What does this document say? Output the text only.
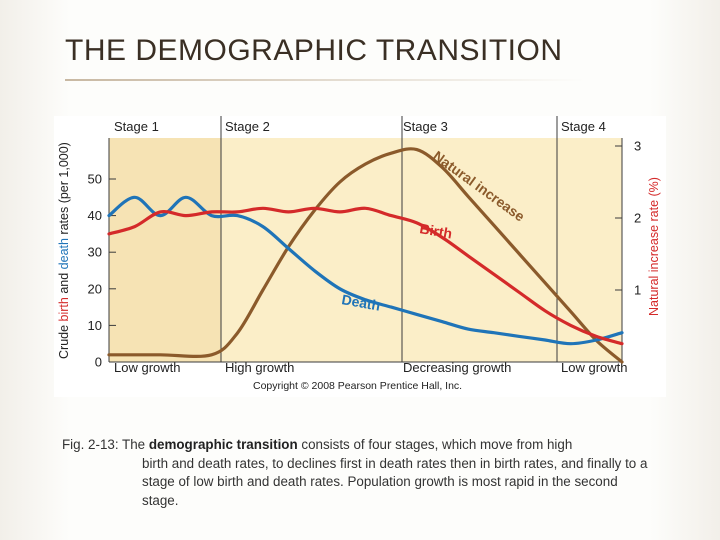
THE DEMOGRAPHIC TRANSITION
Stage 1	Stage 2	Stage 3	Stage 4
Low growth	High growth	Decreasing growth	Low growth
Crude birth and death rates (per 1,000)	Natural increase rate (%)
Copyright © 2008 Pearson Prentice Hall, Inc.
0
10
20
30
40
50
1
2
3
Natural increase
Birth
Death
Fig. 2-13: The demographic transition consists of four stages, which move from high
birth and death rates, to declines first in death rates then in birth rates, and finally to a stage of low birth and death rates. Population growth is most rapid in the second stage.
